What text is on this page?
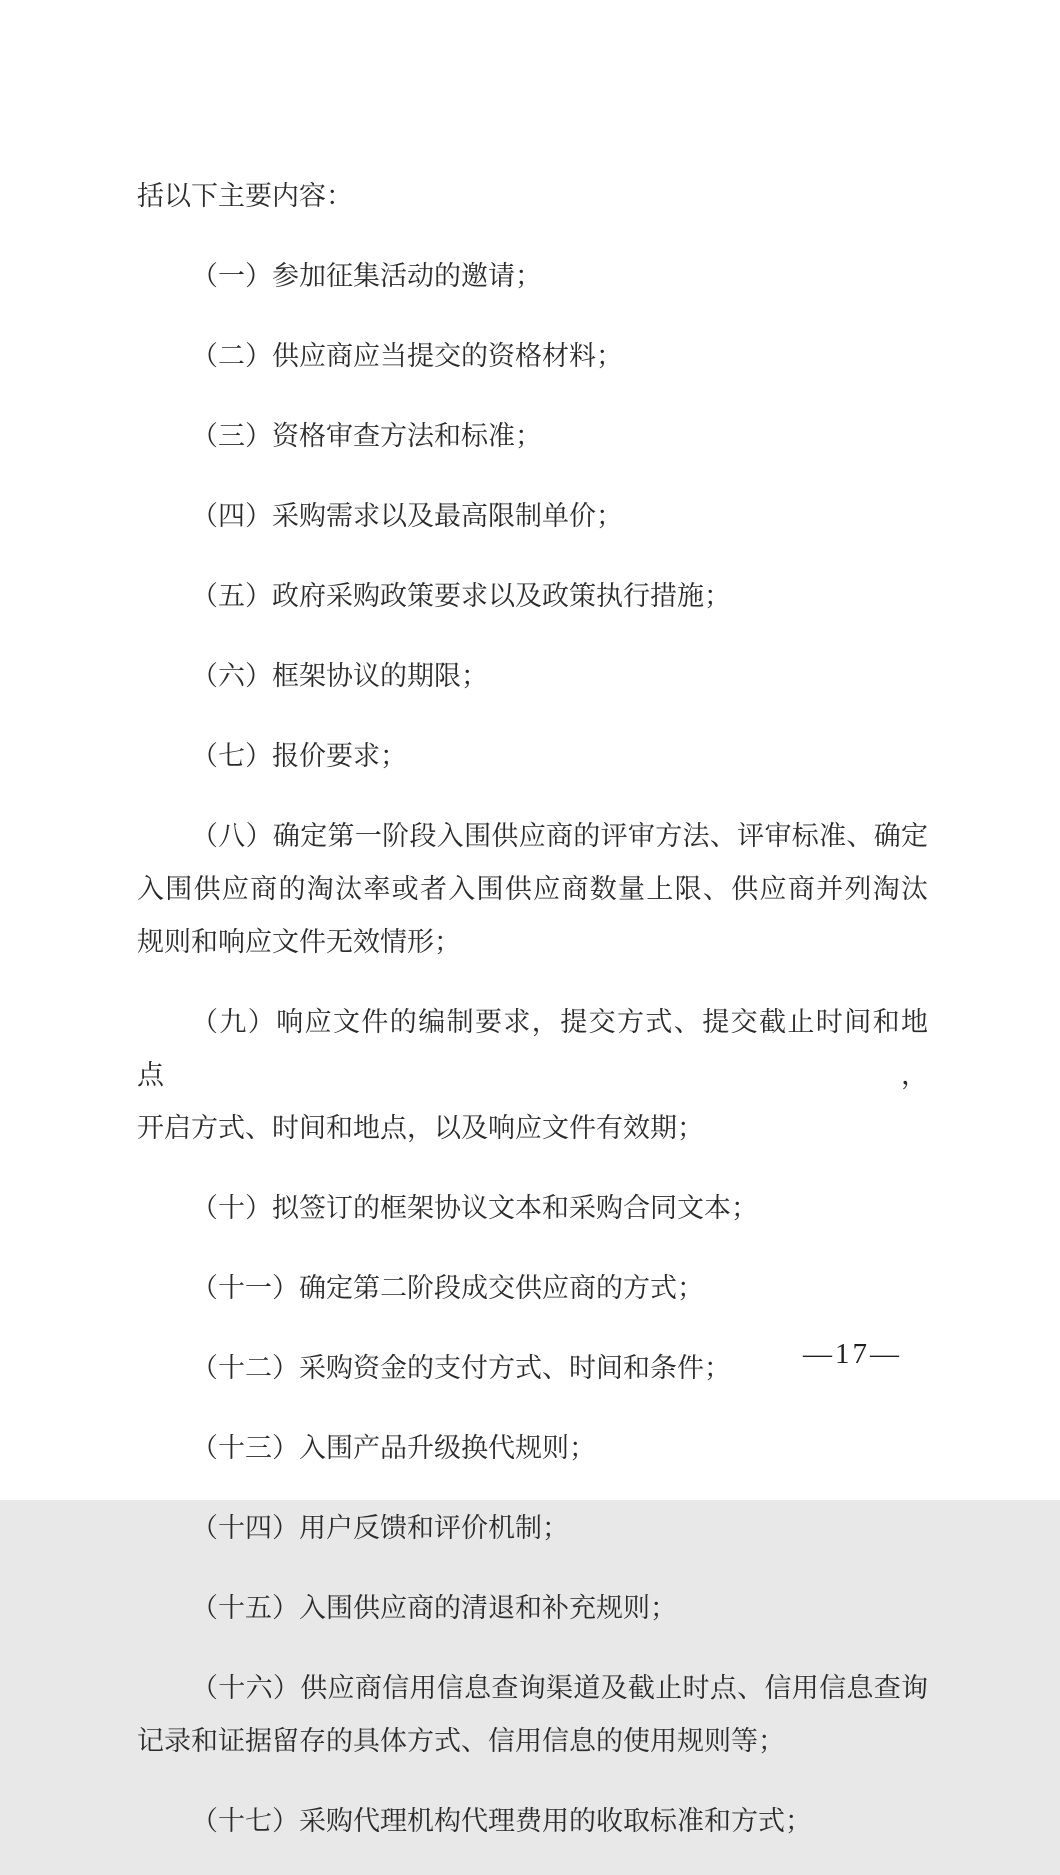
括以下主要内容：

（一）参加征集活动的邀请；

（二）供应商应当提交的资格材料；

（三）资格审查方法和标准；

（四）采购需求以及最高限制单价；

（五）政府采购政策要求以及政策执行措施；

（六）框架协议的期限；

（七）报价要求；

（八）确定第一阶段入围供应商的评审方法、评审标准、确定
入围供应商的淘汰率或者入围供应商数量上限、供应商并列淘汰
规则和响应文件无效情形；

（九）响应文件的编制要求，提交方式、提交截止时间和地点，
开启方式、时间和地点，以及响应文件有效期；

（十）拟签订的框架协议文本和采购合同文本；

（十一）确定第二阶段成交供应商的方式；

（十二）采购资金的支付方式、时间和条件；

（十三）入围产品升级换代规则；

（十四）用户反馈和评价机制；

（十五）入围供应商的清退和补充规则；

（十六）供应商信用信息查询渠道及截止时点、信用信息查询
记录和证据留存的具体方式、信用信息的使用规则等；

（十七）采购代理机构代理费用的收取标准和方式；

—17—
